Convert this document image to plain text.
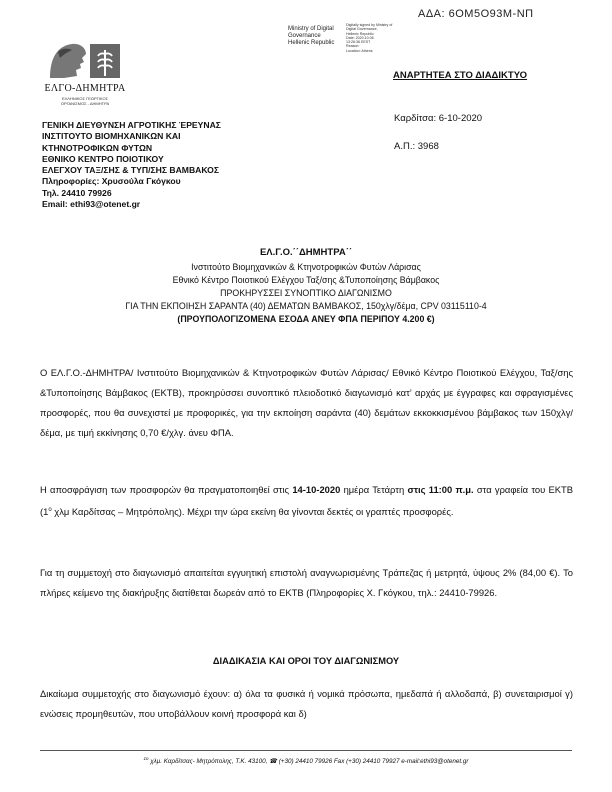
ΑΔΑ: 6ΟΜ5Ο93Μ-ΝΠ
Ministry of Digital
Governance
Hellenic Republic
Digitally signed by Ministry of
Digital Governance,
Hellenic Republic
Date: 2020.10.06
13:26:36 EEST
Reason:
Location: Athens
ΕΛΓΟ-ΔΗΜΗΤΡΑ
ΕΛΛΗΝΙΚΟΣ ΓΕΩΡΓΙΚΟΣ
ΟΡΓΑΝΙΣΜΟΣ - ΔΗΜΗΤΡΑ
ΓΕΝΙΚΗ ΔΙΕΥΘΥΝΣΗ ΑΓΡΟΤΙΚΗΣ ΈΡΕΥΝΑΣ
ΙΝΣΤΙΤΟΥΤΟ ΒΙΟΜΗΧΑΝΙΚΩΝ ΚΑΙ
ΚΤΗΝΟΤΡΟΦΙΚΩΝ ΦΥΤΩΝ
ΕΘΝΙΚΟ ΚΕΝΤΡΟ ΠΟΙΟΤΙΚΟΥ
ΕΛΕΓΧΟΥ ΤΑΞ/ΣΗΣ & ΤΥΠ/ΣΗΣ ΒΑΜΒΑΚΟΣ
Πληροφορίες: Χρυσούλα Γκόγκου
Τηλ. 24410 79926
Email: ethi93@otenet.gr
ΑΝΑΡΤΗΤΕΑ ΣΤΟ ΔΙΑΔΙΚΤΥΟ
Καρδίτσα: 6-10-2020
Α.Π.: 3968
ΕΛ.Γ.Ο.΄΄ΔΗΜΗΤΡΑ΄΄
Ινστιτούτο Βιομηχανικών & Κτηνοτροφικών Φυτών Λάρισας
Εθνικό Κέντρο Ποιοτικού Ελέγχου Ταξ/σης &Τυποποίησης Βάμβακος
ΠΡΟΚΗΡΥΣΣΕΙ ΣΥΝΟΠΤΙΚΟ ΔΙΑΓΩΝΙΣΜΟ
ΓΙΑ ΤΗΝ ΕΚΠΟΙΗΣΗ ΣΑΡΑΝΤΑ (40) ΔΕΜΑΤΩΝ ΒΑΜΒΑΚΟΣ, 150χλγ/δέμα, CPV 03115110-4
(ΠΡΟΥΠΟΛΟΓΙΖΟΜΕΝΑ ΕΣΟΔΑ ΑΝΕΥ ΦΠΑ ΠΕΡΙΠΟΥ 4.200 €)
Ο ΕΛ.Γ.Ο.-ΔΗΜΗΤΡΑ/ Ινστιτούτο Βιομηχανικών & Κτηνοτροφικών Φυτών Λάρισας/ Εθνικό Κέντρο Ποιοτικού Ελέγχου, Ταξ/σης &Τυποποίησης Βάμβακος (ΕΚΤΒ), προκηρύσσει συνοπτικό πλειοδοτικό διαγωνισμό κατ’ αρχάς με έγγραφες και σφραγισμένες προσφορές, που θα συνεχιστεί με προφορικές, για την εκποίηση σαράντα (40) δεμάτων εκκοκκισμένου βάμβακος των 150χλγ/δέμα, με τιμή εκκίνησης 0,70 €/χλγ. άνευ ΦΠΑ.
Η αποσφράγιση των προσφορών θα πραγματοποιηθεί στις 14-10-2020 ημέρα Τετάρτη στις 11:00 π.μ. στα γραφεία του ΕΚΤΒ ($1^o$ χλμ Καρδίτσας – Μητρόπολης). Μέχρι την ώρα εκείνη θα γίνονται δεκτές οι γραπτές προσφορές.
Για τη συμμετοχή στο διαγωνισμό απαιτείται εγγυητική επιστολή αναγνωρισμένης Τράπεζας ή μετρητά, ύψους 2% (84,00 €). Το πλήρες κείμενο της διακήρυξης διατίθεται δωρεάν από το ΕΚΤΒ (Πληροφορίες Χ. Γκόγκου, τηλ.: 24410-79926.
ΔΙΑΔΙΚΑΣΙΑ ΚΑΙ ΟΡΟΙ ΤΟΥ ΔΙΑΓΩΝΙΣΜΟΥ
Δικαίωμα συμμετοχής στο διαγωνισμό έχουν: α) όλα τα φυσικά ή νομικά πρόσωπα, ημεδαπά ή αλλοδαπά, β) συνεταιρισμοί γ) ενώσεις προμηθευτών, που υποβάλλουν κοινή προσφορά και δ)
$^{1o}$ χλμ. Καρδίτσας- Μητρόπολης, Τ.Κ. 43100, ☎ (+30) 24410 79926 Fax (+30) 24410 79927 e-mail:ethi93@otenet.gr
